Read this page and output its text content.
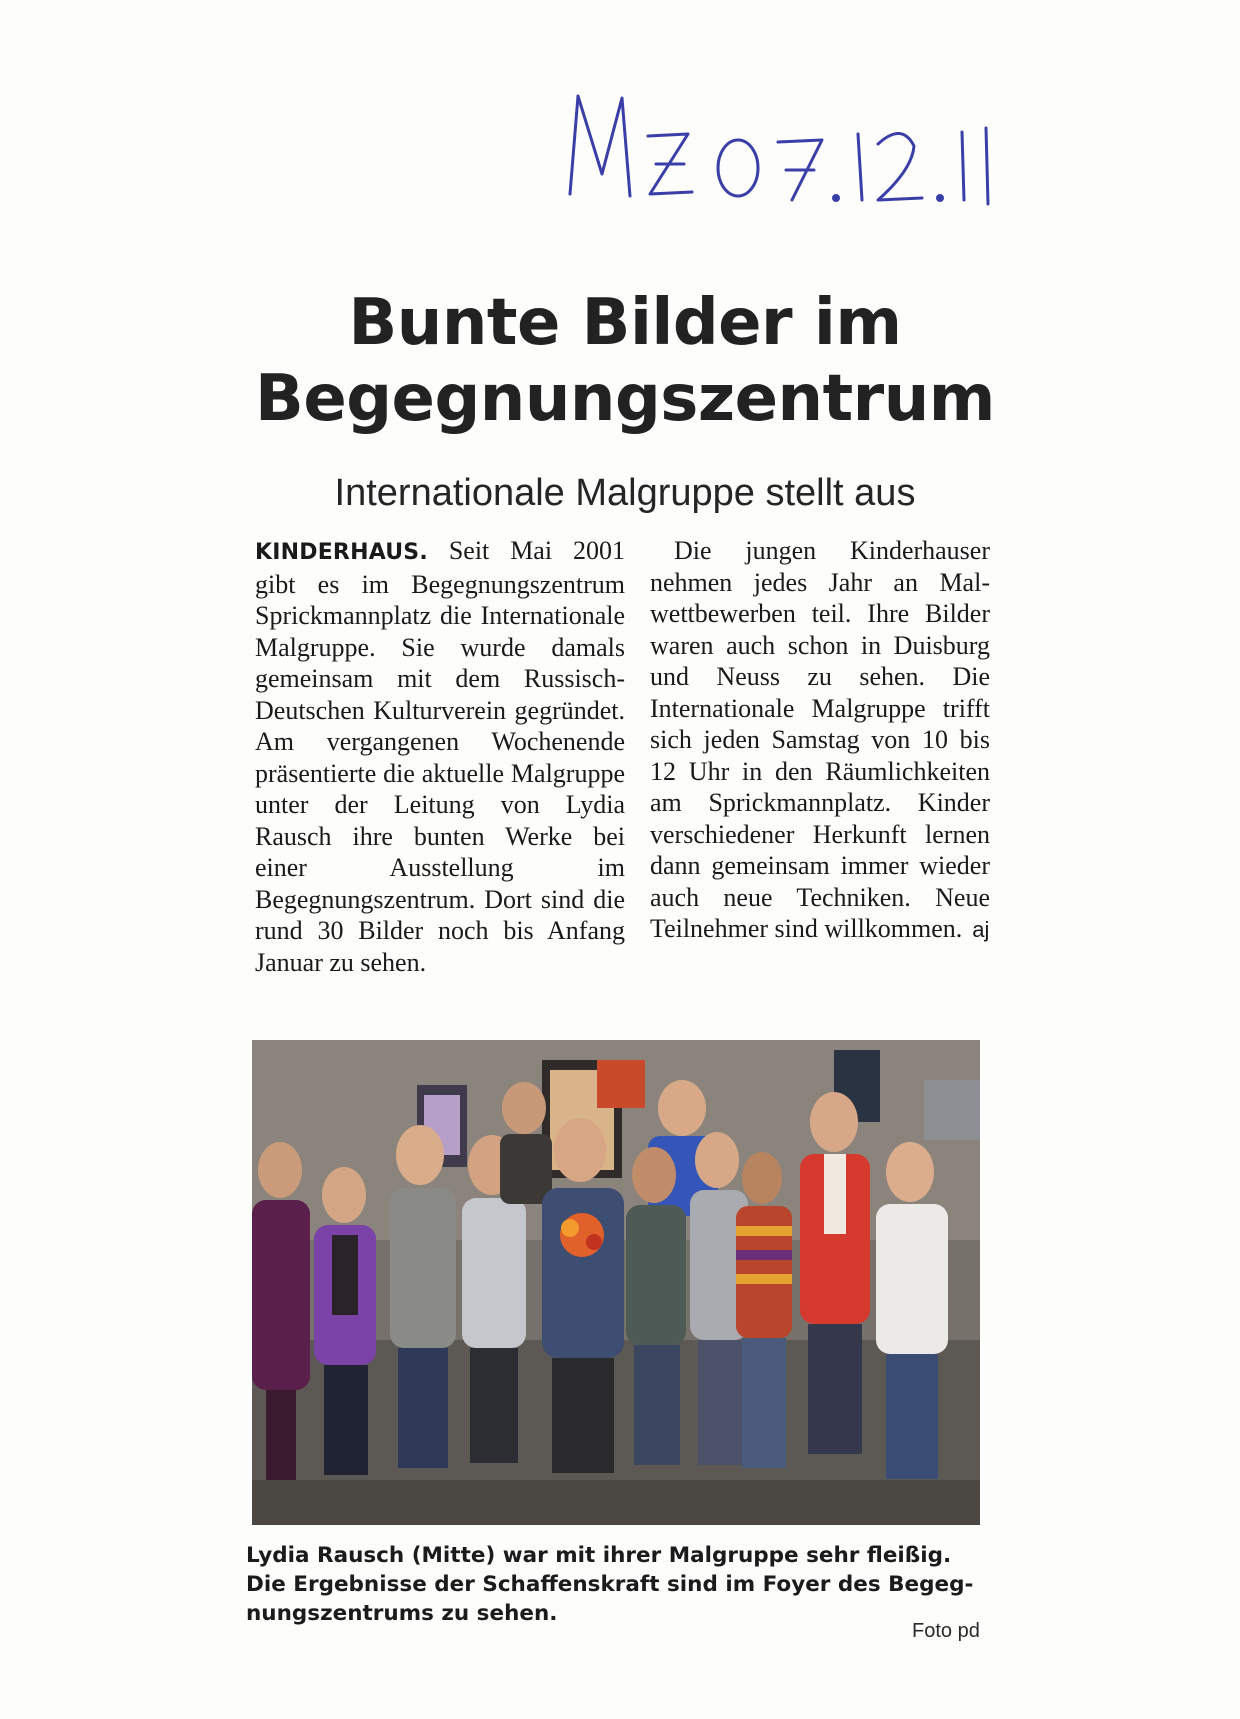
Bunte Bilder im
Begegnungszentrum
Internationale Malgruppe stellt aus

KINDERHAUS. Seit Mai 2001 gibt es im Begegnungszentrum Sprickmannplatz die Internationale Malgruppe. Sie wurde damals gemeinsam mit dem Russisch-Deutschen Kulturverein gegründet. Am vergangenen Wochenende präsentierte die aktuelle Malgruppe unter der Leitung von Lydia Rausch ihre bunten Werke bei einer Ausstellung im Begegnungszentrum. Dort sind die rund 30 Bilder noch bis Anfang Januar zu sehen.

Die jungen Kinderhauser nehmen jedes Jahr an Malwettbewerben teil. Ihre Bilder waren auch schon in Duisburg und Neuss zu sehen. Die Internationale Malgruppe trifft sich jeden Samstag von 10 bis 12 Uhr in den Räumlichkeiten am Sprickmannplatz. Kinder verschiedener Herkunft lernen dann gemeinsam immer wieder auch neue Techniken. Neue Teilnehmer sind willkommen. aj

Lydia Rausch (Mitte) war mit ihrer Malgruppe sehr fleißig.

Die Ergebnisse der Schaffenskraft sind im Foyer des Begeg-

nungszentrums zu sehen.

Foto pd
